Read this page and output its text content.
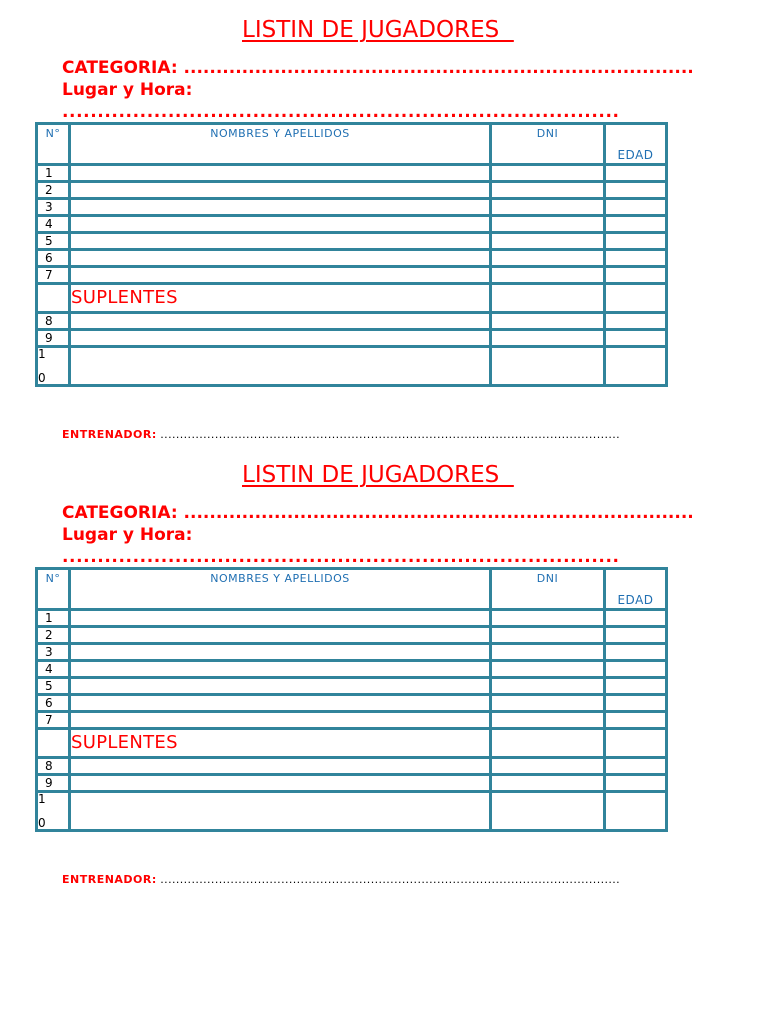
LISTIN DE JUGADORES
CATEGORIA: ...............................................................................
Lugar y Hora:
...............................................................................
N°	NOMBRES Y APELLIDOS	DNI	EDAD
1			
2			
3			
4			
5			
6			
7			
	SUPLENTES		
8			
9			

1
0			

ENTRENADOR: ......................................................................................................................
LISTIN DE JUGADORES
CATEGORIA: ...............................................................................
Lugar y Hora:
...............................................................................
N°	NOMBRES Y APELLIDOS	DNI	EDAD
1			
2			
3			
4			
5			
6			
7			
	SUPLENTES		
8			
9			

1
0			

ENTRENADOR: ......................................................................................................................
